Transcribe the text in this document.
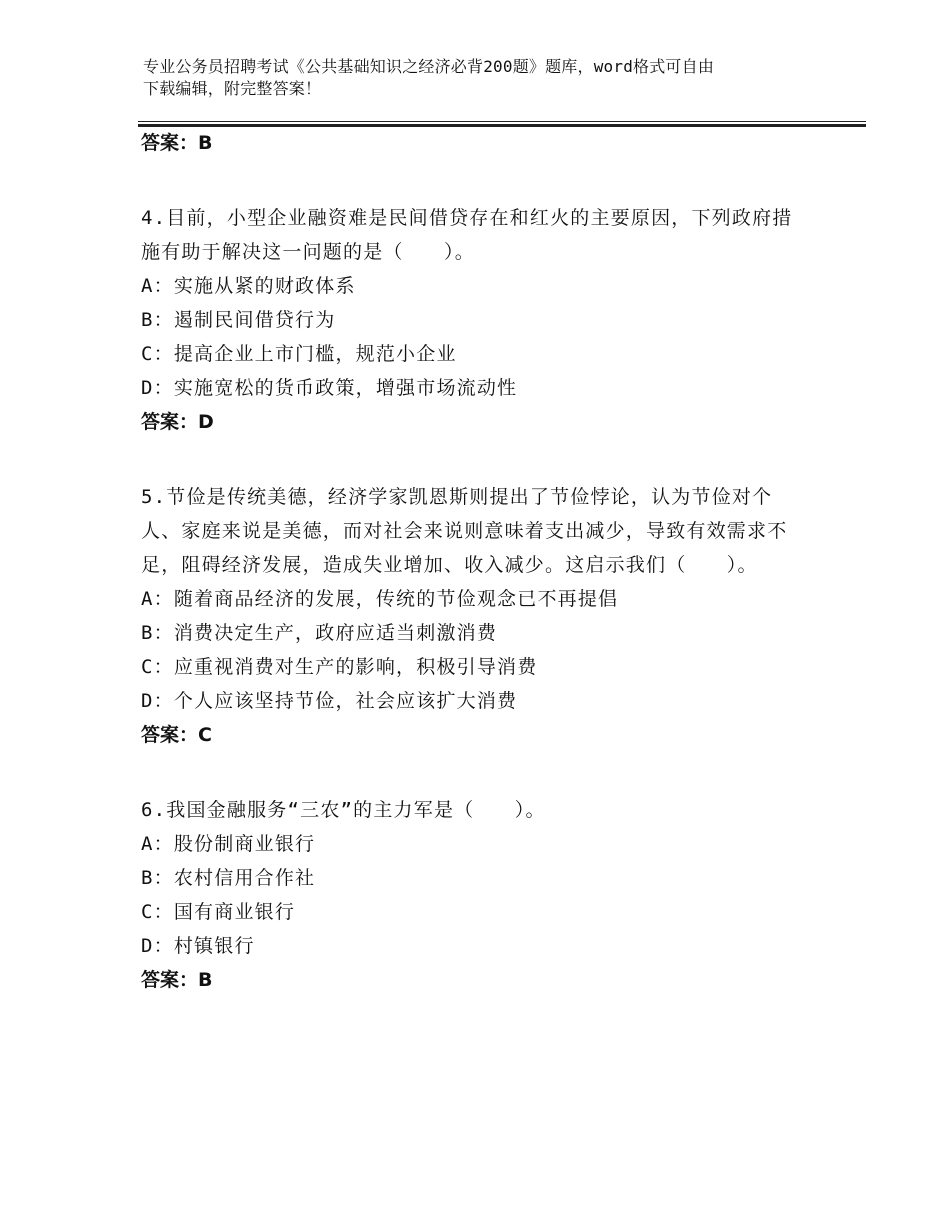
专业公务员招聘考试《公共基础知识之经济必背200题》题库，word格式可自由
下载编辑，附完整答案！
答案：B

4.目前，小型企业融资难是民间借贷存在和红火的主要原因，下列政府措施有助于解决这一问题的是（　　）。

A：实施从紧的财政体系
B：遏制民间借贷行为
C：提高企业上市门槛，规范小企业
D：实施宽松的货币政策，增强市场流动性
答案：D

5.节俭是传统美德，经济学家凯恩斯则提出了节俭悖论，认为节俭对个人、家庭来说是美德，而对社会来说则意味着支出减少，导致有效需求不足，阻碍经济发展，造成失业增加、收入减少。这启示我们（　　）。

A：随着商品经济的发展，传统的节俭观念已不再提倡
B：消费决定生产，政府应适当刺激消费
C：应重视消费对生产的影响，积极引导消费
D：个人应该坚持节俭，社会应该扩大消费
答案：C

6.我国金融服务“三农”的主力军是（　　）。

A：股份制商业银行
B：农村信用合作社
C：国有商业银行
D：村镇银行
答案：B
